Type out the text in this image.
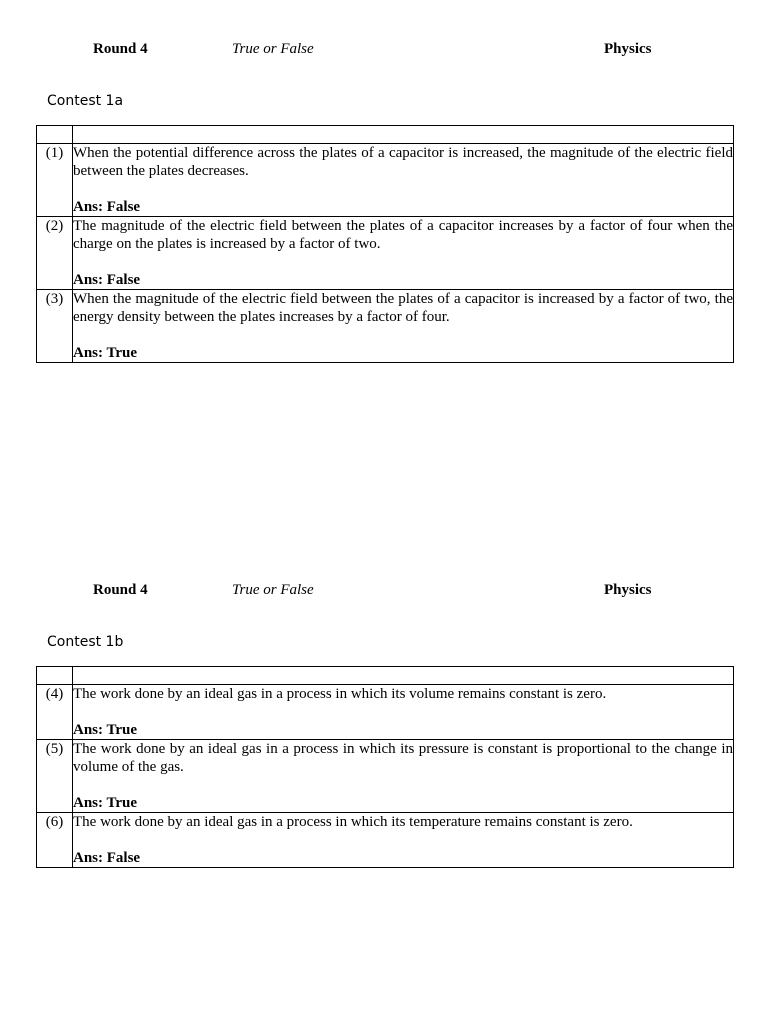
Round 4	True or False	Physics
Contest 1a

(1)	When the potential difference across the plates of a capacitor is increased, the magnitude of the electric field between the plates decreases.
Ans: False

(2)	The magnitude of the electric field between the plates of a capacitor increases by a factor of four when the charge on the plates is increased by a factor of two.
Ans: False

(3)	When the magnitude of the electric field between the plates of a capacitor is increased by a factor of two, the energy density between the plates increases by a factor of four.
Ans: True
Round 4	True or False	Physics
Contest 1b

(4)	The work done by an ideal gas in a process in which its volume remains constant is zero.
Ans: True

(5)	The work done by an ideal gas in a process in which its pressure is constant is proportional to the change in volume of the gas.
Ans: True

(6)	The work done by an ideal gas in a process in which its temperature remains constant is zero.
Ans: False
